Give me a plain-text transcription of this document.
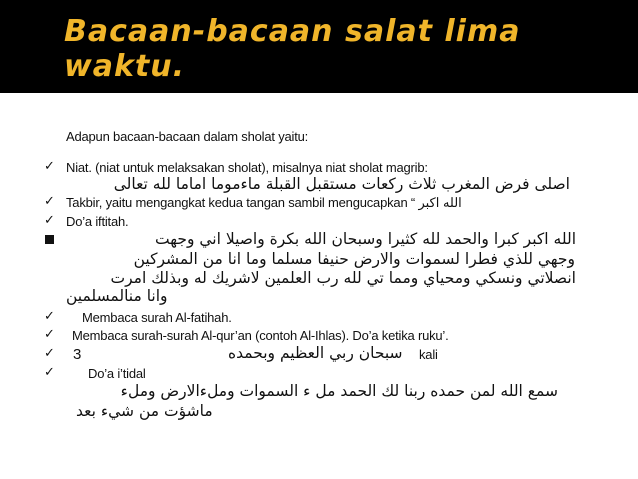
Bacaan-bacaan salat lima waktu.
Adapun bacaan-bacaan dalam sholat yaitu:
✓ Niat. (niat untuk melaksakan sholat), misalnya niat sholat magrib:
اصلى فرض المغرب ثلاث ركعات مستقبل القبلة ماءموما اماما لله تعالى
✓ Takbir, yaitu mengangkat kedua tangan sambil mengucapkan “ الله اكبر
✓ Do’a iftitah.
الله اكبر كبرا والحمد لله كثيرا وسبحان الله بكرة واصيلا اني وجهت
وجهي للذي فطرا لسموات والارض حنيفا مسلما وما انا من المشركين
انصلاتي ونسكي ومحياي ومما تي لله رب العلمين لاشريك له وبذلك امرت
وانا منالمسلمين
✓ Membaca surah Al-fatihah.
✓ Membaca surah-surah Al-qur’an (contoh Al-Ihlas). Do’a ketika ruku’.
✓ 3	سبحان ربي العظيم وبحمده kali
✓	Do’a i’tidal
سمع الله لمن حمده ربنا لك الحمد مل ء السموات وملءالارض وملء
ماشؤت من شيء بعد
